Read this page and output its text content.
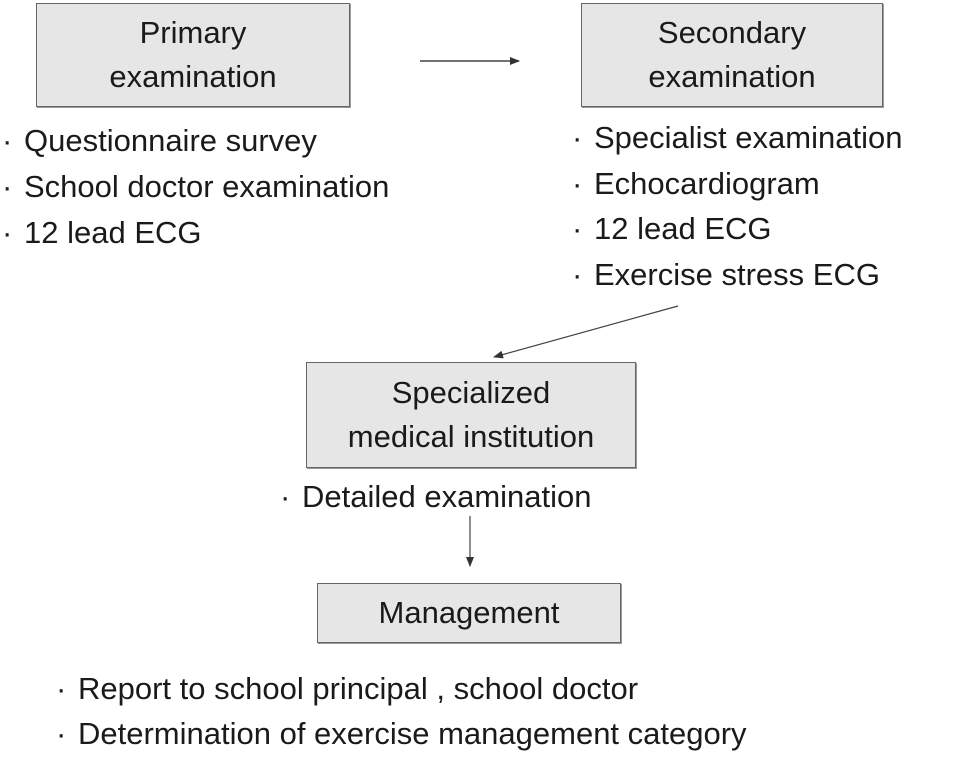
Primary
examination
· Questionnaire survey
· School doctor examination
· 12 lead ECG
Secondary
examination
· Specialist examination
· Echocardiogram
· 12 lead ECG
· Exercise stress ECG
Specialized
medical institution
· Detailed examination
Management
· Report to school principal , school doctor
· Determination of exercise management category
